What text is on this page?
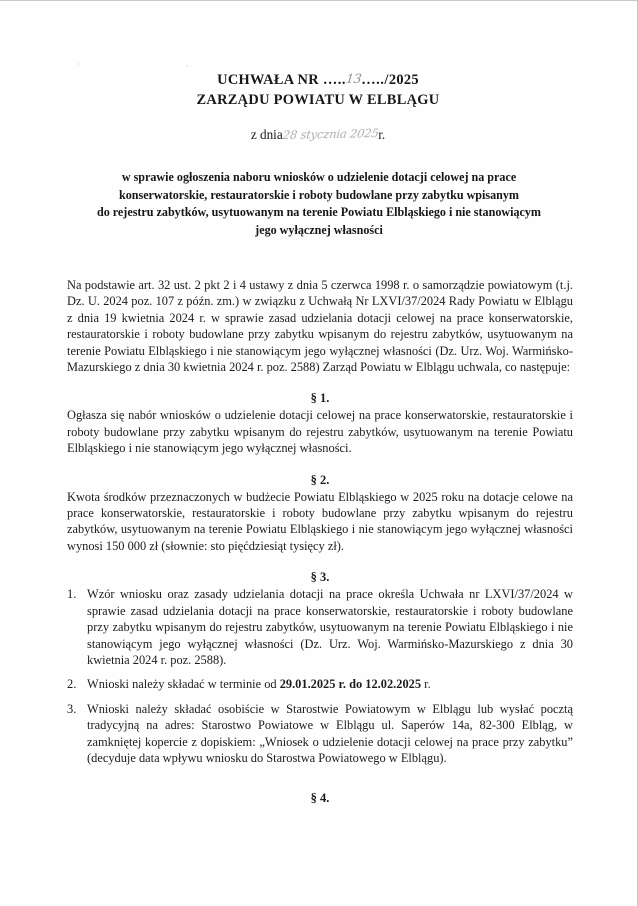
UCHWAŁA NR …..13…../2025
ZARZĄDU POWIATU W ELBLĄGU
z dnia28 stycznia 2025r.
w sprawie ogłoszenia naboru wniosków o udzielenie dotacji celowej na prace
konserwatorskie, restauratorskie i roboty budowlane przy zabytku wpisanym
do rejestru zabytków, usytuowanym na terenie Powiatu Elbląskiego i nie stanowiącym
jego wyłącznej własności

Na podstawie art. 32 ust. 2 pkt 2 i 4 ustawy z dnia 5 czerwca 1998 r. o samorządzie powiatowym (t.j. Dz. U. 2024 poz. 107 z późn. zm.) w związku z Uchwałą Nr LXVI/37/2024 Rady Powiatu w Elblągu z dnia 19 kwietnia 2024 r. w sprawie zasad udzielania dotacji celowej na prace konserwatorskie, restauratorskie i roboty budowlane przy zabytku wpisanym do rejestru zabytków, usytuowanym na terenie Powiatu Elbląskiego i nie stanowiącym jego wyłącznej własności (Dz. Urz. Woj. Warmińsko-Mazurskiego z dnia 30 kwietnia 2024 r. poz. 2588) Zarząd Powiatu w Elblągu uchwala, co następuje:

§ 1.

Ogłasza się nabór wniosków o udzielenie dotacji celowej na prace konserwatorskie, restauratorskie i roboty budowlane przy zabytku wpisanym do rejestru zabytków, usytuowanym na terenie Powiatu Elbląskiego i nie stanowiącym jego wyłącznej własności.

§ 2.

Kwota środków przeznaczonych w budżecie Powiatu Elbląskiego w 2025 roku na dotacje celowe na prace konserwatorskie, restauratorskie i roboty budowlane przy zabytku wpisanym do rejestru zabytków, usytuowanym na terenie Powiatu Elbląskiego i nie stanowiącym jego wyłącznej własności wynosi 150 000 zł (słownie: sto pięćdziesiąt tysięcy zł).

§ 3.

1. Wzór wniosku oraz zasady udzielania dotacji na prace określa Uchwała nr LXVI/37/2024 w sprawie zasad udzielania dotacji na prace konserwatorskie, restauratorskie i roboty budowlane przy zabytku wpisanym do rejestru zabytków, usytuowanym na terenie Powiatu Elbląskiego i nie stanowiącym jego wyłącznej własności (Dz. Urz. Woj. Warmińsko-Mazurskiego z dnia 30 kwietnia 2024 r. poz. 2588).
2. Wnioski należy składać w terminie od 29.01.2025 r. do 12.02.2025 r.
3. Wnioski należy składać osobiście w Starostwie Powiatowym w Elblągu lub wysłać pocztą tradycyjną na adres: Starostwo Powiatowe w Elblągu ul. Saperów 14a, 82-300 Elbląg, w zamkniętej kopercie z dopiskiem: „Wniosek o udzielenie dotacji celowej na prace przy zabytku” (decyduje data wpływu wniosku do Starostwa Powiatowego w Elblągu).
§ 4.
